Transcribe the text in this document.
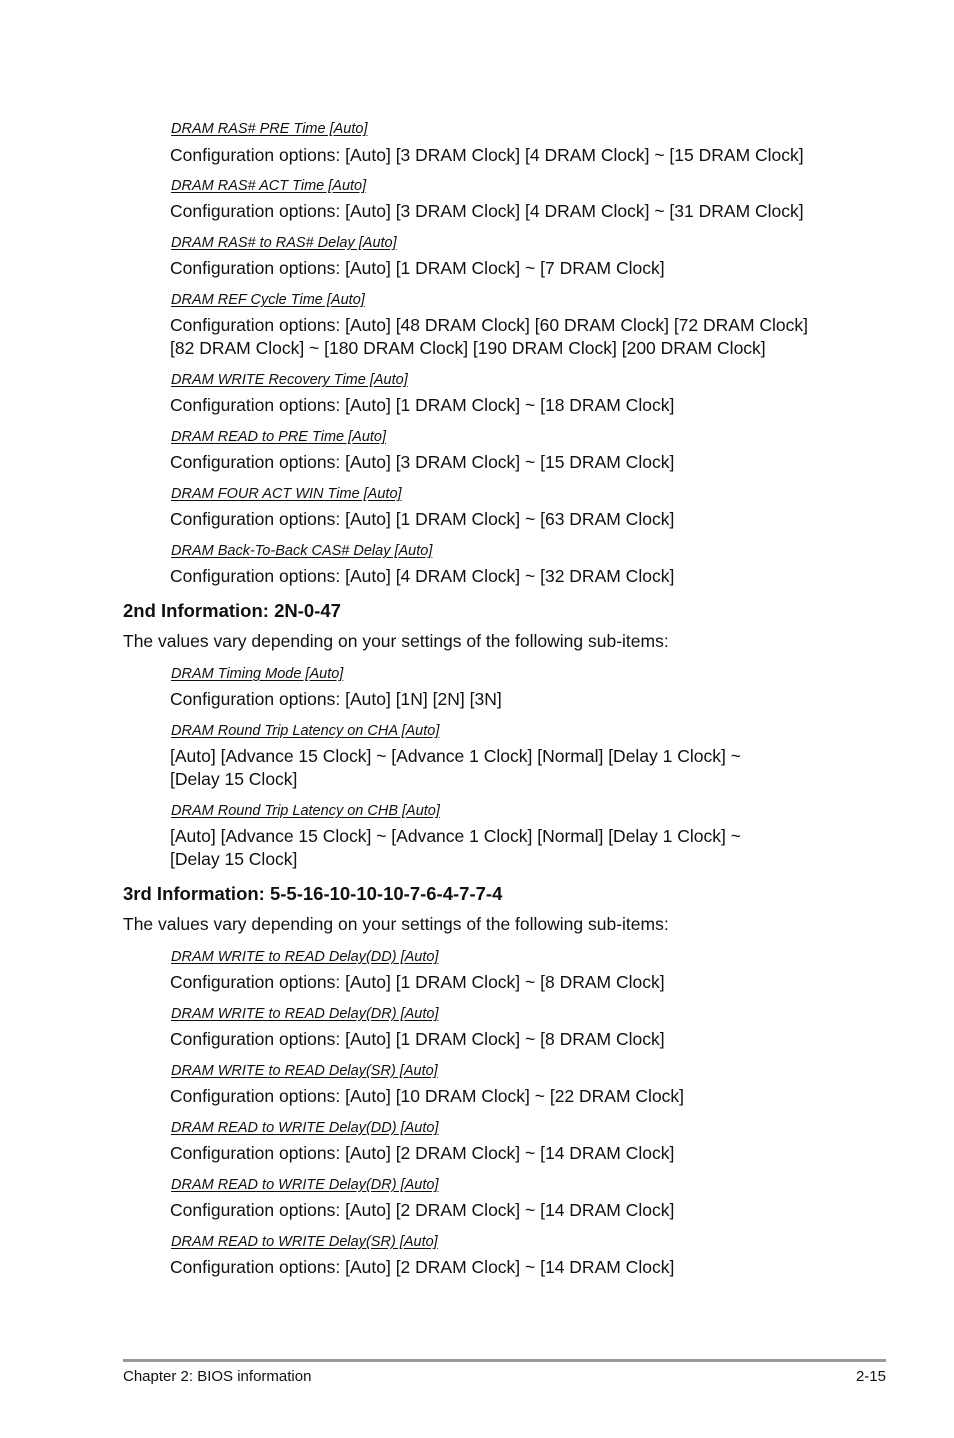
DRAM RAS# PRE Time [Auto]
Configuration options: [Auto] [3 DRAM Clock] [4 DRAM Clock] ~ [15 DRAM Clock]
DRAM RAS# ACT Time [Auto]
Configuration options: [Auto] [3 DRAM Clock] [4 DRAM Clock] ~ [31 DRAM Clock]
DRAM RAS# to RAS# Delay [Auto]
Configuration options: [Auto] [1 DRAM Clock] ~ [7 DRAM Clock]
DRAM REF Cycle Time [Auto]
Configuration options: [Auto] [48 DRAM Clock] [60 DRAM Clock] [72 DRAM Clock]
[82 DRAM Clock] ~ [180 DRAM Clock] [190 DRAM Clock] [200 DRAM Clock]
DRAM WRITE Recovery Time [Auto]
Configuration options: [Auto] [1 DRAM Clock] ~ [18 DRAM Clock]
DRAM READ to PRE Time [Auto]
Configuration options: [Auto] [3 DRAM Clock] ~ [15 DRAM Clock]
DRAM FOUR ACT WIN Time [Auto]
Configuration options: [Auto] [1 DRAM Clock] ~ [63 DRAM Clock]
DRAM Back-To-Back CAS# Delay [Auto]
Configuration options: [Auto] [4 DRAM Clock] ~ [32 DRAM Clock]
2nd Information: 2N-0-47
The values vary depending on your settings of the following sub-items:
DRAM Timing Mode [Auto]
Configuration options: [Auto] [1N] [2N] [3N]
DRAM Round Trip Latency on CHA [Auto]
[Auto] [Advance 15 Clock] ~ [Advance 1 Clock] [Normal] [Delay 1 Clock] ~
[Delay 15 Clock]
DRAM Round Trip Latency on CHB [Auto]
[Auto] [Advance 15 Clock] ~ [Advance 1 Clock] [Normal] [Delay 1 Clock] ~
[Delay 15 Clock]
3rd Information: 5-5-16-10-10-10-7-6-4-7-7-4
The values vary depending on your settings of the following sub-items:
DRAM WRITE to READ Delay(DD) [Auto]
Configuration options: [Auto] [1 DRAM Clock] ~ [8 DRAM Clock]
DRAM WRITE to READ Delay(DR) [Auto]
Configuration options: [Auto] [1 DRAM Clock] ~ [8 DRAM Clock]
DRAM WRITE to READ Delay(SR) [Auto]
Configuration options: [Auto] [10 DRAM Clock] ~ [22 DRAM Clock]
DRAM READ to WRITE Delay(DD) [Auto]
Configuration options: [Auto] [2 DRAM Clock] ~ [14 DRAM Clock]
DRAM READ to WRITE Delay(DR) [Auto]
Configuration options: [Auto] [2 DRAM Clock] ~ [14 DRAM Clock]
DRAM READ to WRITE Delay(SR) [Auto]
Configuration options: [Auto] [2 DRAM Clock] ~ [14 DRAM Clock]
Chapter 2: BIOS information	2-15
